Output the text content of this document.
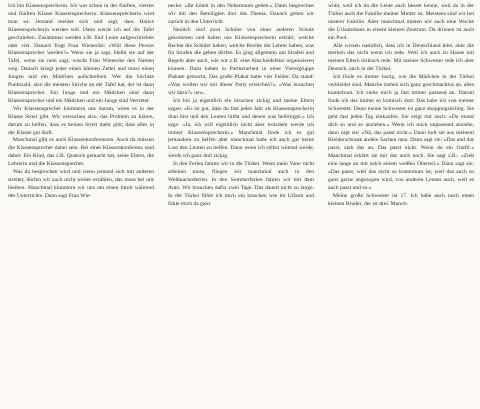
Ich bin Klassensprecherin. Ich war schon in der fünften, vierten und fünften Klasse Klassensprecherin. Klassensprecherin wird man so: Jemand meldet sich und sagt, dass Hatice Klassensprecherin werden soll. Dann werde ich auf die Tafel geschrieben. Zusammen werden z.B. fünf Leute aufgeschrieben oder vier. Danach fragt Frau Wienecke: »Will diese Person Klassensprecher werden?« Wenn sie ja sagt, bleibt sie auf der Tafel, wenn sie nein sagt, wischt Frau Wienecke den Namen weg. Danach kriegt jeder einen kleinen Zettel und muss einen Jungen und ein Mädchen aufschreiben. Wer die höchste Punktzahl, also die meisten Striche an der Tafel hat, der ist dann Klassensprecher. Ein Junge und ein Mädchen sind dann Klassensprecher und ein Mädchen und ein Junge sind Vertreter.

Wir Klassensprecher kümmern uns darum, wenn es in der Klasse Streit gibt. Wir versuchen also, das Problem zu klären, darum zu helfen, dass es keinen Streit mehr gibt, dass alles in der Klasse gut läuft.

Manchmal gibt es auch Klassenkonferenzen. Auch da müssen die Klassensprecher dabei sein. Bei einer Klassenkonferenz sind dabei: Ein Kind, das z.B. Quatsch gemacht hat, seine Eltern, die Lehrerin und die Klassensprecher.

Was da besprochen wird und wenn jemand sich mit anderen streitet, dürfen wir auch nicht weiter erzählen, das muss bei uns bleiben. Manchmal kümmern wir uns um einen Streit während des Unterrichts. Dann sagt Frau Wie-

necke: »Ihr könnt in den Nebenraum gehen.« Dann besprechen wir mit den Beteiligten dort das Thema. Danach gehen wir zurück in den Unterricht.

Neulich sind zwei Schüler von einer anderen Schule gekommen und haben uns Klassensprecherin erklärt, welche Rechte die Schüler haben, welche Rechte die Lehrer haben, was für Strafen die geben dürfen. Es ging allgemein um Strafen und Regeln aber auch, wie wir z.B. eine Abschiedsfeier organisieren können. Dazu haben in Partnerarbeit in einer Vierergruppe Plakate gemacht. Das große Plakat hatte vier Felder. Da stand: »Was wollen wir mit dieser Party erreichen?«, »Was brauchen wir dazu?« usw..

Ich bin ja eigentlich ein bisschen zickig und meine Eltern sagen: »Es ist gut, dass du fast jedes Jahr als Klassensprecherin dran bist und den Leuten hilfst und denen was beibringst.« Ich sage: »Ja, ich will eigentlich nicht aber trotzdem werde ich immer Klassensprecherin.« Manchmal finde ich es gut jemandem zu helfen aber manchmal habe ich auch gar keine Lust den Leuten zu helfen. Dann wenn ich selbst wütend werde, werde ich ganz doll zickig.

In den Ferien fahren wir in die Türkei. Wenn mein Vater nicht arbeiten muss, fliegen wir manchmal auch in den Weihnachtsferien. In den Sommerferien fahren wir mit dem Auto. Wir brauchen dafür zwei Tage. Das dauert nicht so lange. In der Türkei fühle ich mich ein bisschen wie im Urlaub und fühle mich da ganz

wohl, weil ich da die Leute auch besser kenne, weil da in der Türkei auch die Familie meiner Mutter ist. Meistens sind wir bei unserer Familie. Aber manchmal mieten wir auch eine Woche die Urlaubshaus in einem kleinen Zentrum. Da drinnen ist auch ein Pool.

Alle wissen natürlich, dass ich in Deutschland lebe, aber die merken das nicht wenn ich rede. Weil ich auch zu Hause mit meinen Eltern türkisch rede. Mit meiner Schwester rede ich aber Deutsch, auch in der Türkei.

Ich finde es immer lustig, wie die Mädchen in der Türkei verkleidet sind. Manche ziehen sich ganz geschmacklos an, alles kunterbunt. Ich ziehe mich ja fast immer passend an. Darum finde ich das immer so komisch dort. Das habe ich von meiner Schwester. Denn meine Schwester ist ganz shoppingsüchtig. Sie geht fast jeden Tag einkaufen. Sie zeigt mir auch: »Du musst dich so und so anziehen.« Wenn ich mich unpassend anziehe, dann sagt sie: »Nä, das passt nicht.« Dann holt sie aus meinem Kleiderschrank andere Sachen raus. Dann sagt sie: »Das und das passt, zieh das an. Das passt nicht. Wenn du ein Outfit.« Manchmal erklärt sie mir das auch noch. Sie sagt z.B.: »Zieh eine lange an mit solch einem weißen Oberteil.« Dann sagt sie: »Das passt, weil das nicht so kunterbunt ist, weil das auch so ganz gerne angezogen wird, von anderen Leuten auch, weil es auch passt und so.«

Meine große Schwester ist 17. Ich habe auch noch einen kleinen Bruder, der ist drei. Manch-
